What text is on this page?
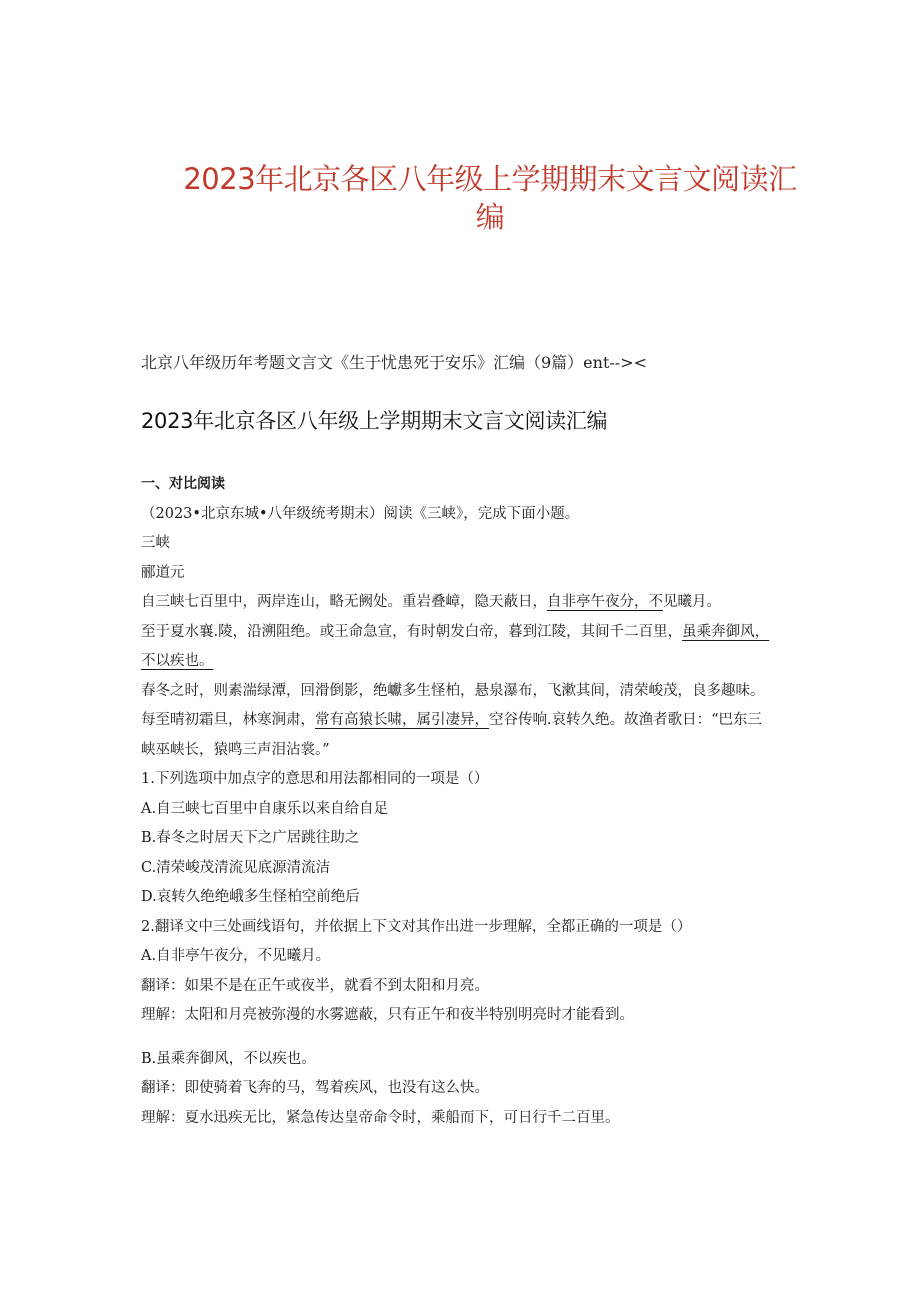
2023年北京各区八年级上学期期末文言文阅读汇
编
北京八年级历年考题文言文《生于忧患死于安乐》汇编（9篇）ent--><
2023年北京各区八年级上学期期末文言文阅读汇编

一、对比阅读

（2023•北京东城•八年级统考期末）阅读《三峡》，完成下面小题。

三峡

郦道元

自三峡七百里中，两岸连山，略无阙处。重岩叠嶂，隐天蔽日，自非亭午夜分，不见曦月。

至于夏水襄.陵，沿溯阻绝。或王命急宣，有时朝发白帝，暮到江陵，其间千二百里，虽乘奔御风，

不以疾也。

春冬之时，则素湍绿潭，回滑倒影，绝巘多生怪柏，悬泉瀑布，飞漱其间，清荣峻茂，良多趣味。

每至晴初霜旦，林寒涧肃，常有高猿长啸，属引凄异，空谷传响.哀转久绝。故渔者歌日：“巴东三

峡巫峡长，猿鸣三声泪沾裳。”

1.下列选项中加点字的意思和用法都相同的一项是（）

A.自三峡七百里中自康乐以来自给自足

B.春冬之时居天下之广居跳往助之

C.清荣峻茂清流见底源清流洁

D.哀转久绝绝峨多生怪柏空前绝后

2.翻译文中三处画线语句，并依据上下文对其作出进一步理解，全都正确的一项是（）

A.自非亭午夜分，不见曦月。

翻译：如果不是在正午或夜半，就看不到太阳和月亮。

理解：太阳和月亮被弥漫的水雾遮蔽，只有正午和夜半特别明亮时才能看到。

B.虽乘奔御风，不以疾也。

翻译：即使骑着飞奔的马，驾着疾风，也没有这么快。

理解：夏水迅疾无比，紧急传达皇帝命令时，乘船而下，可日行千二百里。
